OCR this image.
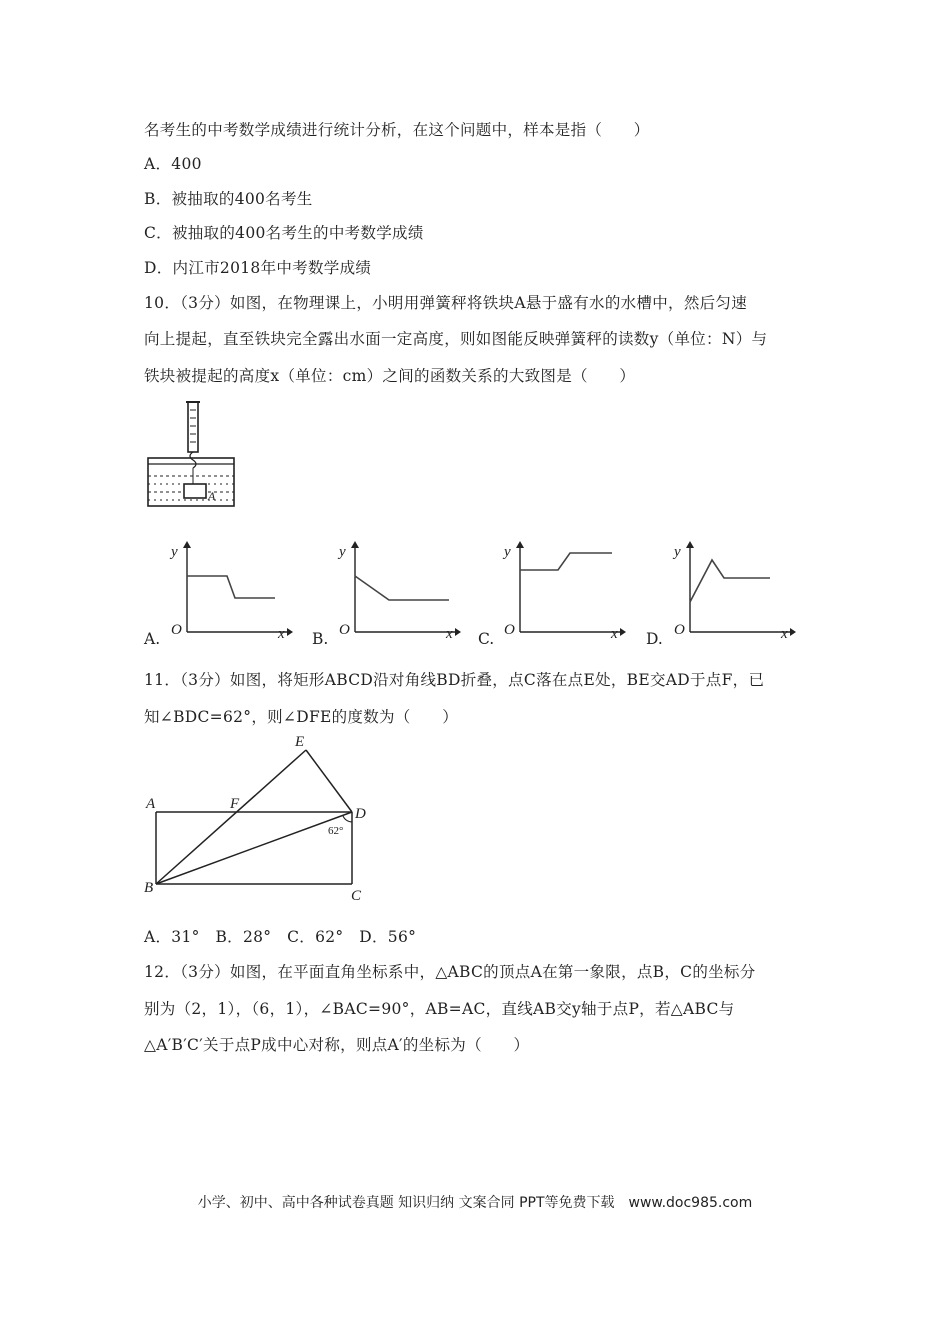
名考生的中考数学成绩进行统计分析，在这个问题中，样本是指（　　）
A．400
B．被抽取的400名考生
C．被抽取的400名考生的中考数学成绩
D．内江市2018年中考数学成绩
10．（3分）如图，在物理课上，小明用弹簧秤将铁块A悬于盛有水的水槽中，然后匀速
向上提起，直至铁块完全露出水面一定高度，则如图能反映弹簧秤的读数y（单位：N）与
铁块被提起的高度x（单位：cm）之间的函数关系的大致图是（　　）
A
y
x
O
A.
y
x
O
B.
y
x
O
C.
y
x
O
D.
11．（3分）如图，将矩形ABCD沿对角线BD折叠，点C落在点E处，BE交AD于点F，已
知∠BDC=62°，则∠DFE的度数为（　　）
A
B	C
D
E
F
62°
A．31°　B．28°　C．62°　D．56°
12．（3分）如图，在平面直角坐标系中，△ABC的顶点A在第一象限，点B，C的坐标分
别为（2，1），（6，1），∠BAC=90°，AB=AC，直线AB交y轴于点P，若△ABC与
△A′B′C′关于点P成中心对称，则点A′的坐标为（　　）
小学、初中、高中各种试卷真题 知识归纳 文案合同 PPT等免费下载　www.doc985.com
